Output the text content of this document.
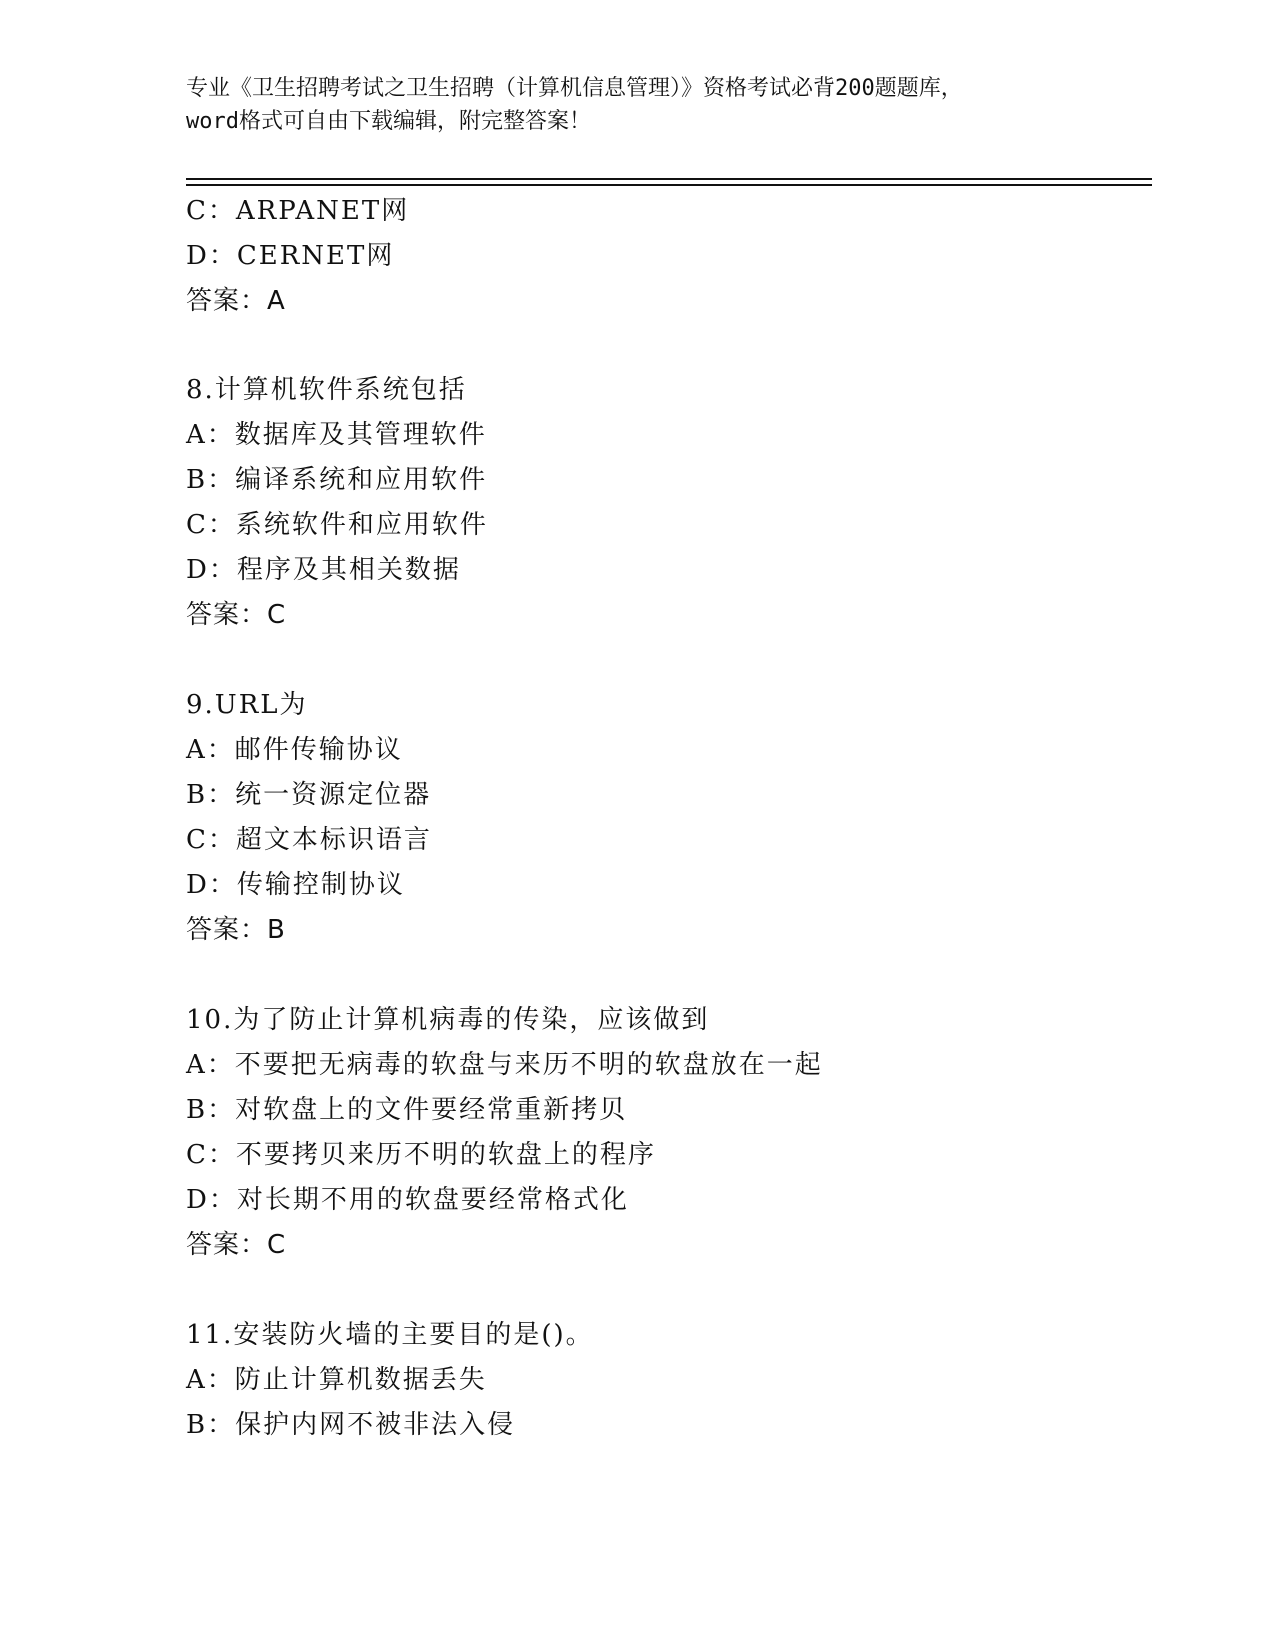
专业《卫生招聘考试之卫生招聘（计算机信息管理）》资格考试必背200题题库，
word格式可自由下载编辑，附完整答案！
C：ARPANET网
D：CERNET网
答案：A
8.计算机软件系统包括
A：数据库及其管理软件
B：编译系统和应用软件
C：系统软件和应用软件
D：程序及其相关数据
答案：C
9.URL为
A：邮件传输协议
B：统一资源定位器
C：超文本标识语言
D：传输控制协议
答案：B
10.为了防止计算机病毒的传染，应该做到
A：不要把无病毒的软盘与来历不明的软盘放在一起
B：对软盘上的文件要经常重新拷贝
C：不要拷贝来历不明的软盘上的程序
D：对长期不用的软盘要经常格式化
答案：C
11.安装防火墙的主要目的是()。
A：防止计算机数据丢失
B：保护内网不被非法入侵
